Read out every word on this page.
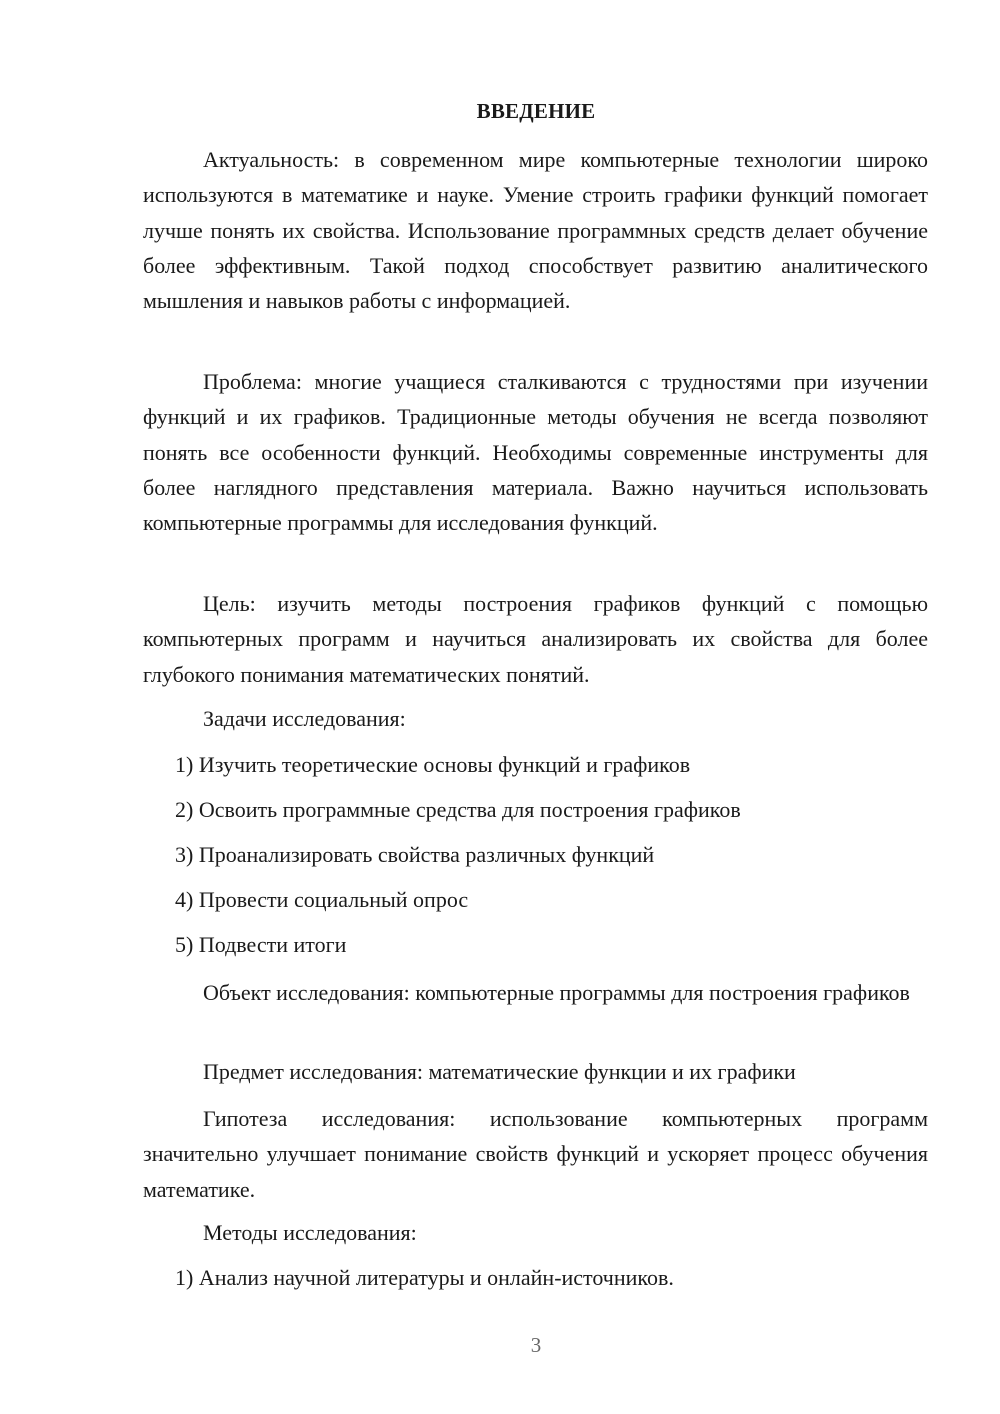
ВВЕДЕНИЕ

Актуальность: в современном мире компьютерные технологии широко используются в математике и науке. Умение строить графики функций помогает лучше понять их свойства. Использование программных средств делает обучение более эффективным. Такой подход способствует развитию аналитического мышления и навыков работы с информацией.

Проблема: многие учащиеся сталкиваются с трудностями при изучении функций и их графиков. Традиционные методы обучения не всегда позволяют понять все особенности функций. Необходимы современные инструменты для более наглядного представления материала. Важно научиться использовать компьютерные программы для исследования функций.

Цель: изучить методы построения графиков функций с помощью компьютерных программ и научиться анализировать их свойства для более глубокого понимания математических понятий.

Задачи исследования:

1) Изучить теоретические основы функций и графиков

2) Освоить программные средства для построения графиков

3) Проанализировать свойства различных функций

4) Провести социальный опрос

5) Подвести итоги

Объект исследования: компьютерные программы для построения графиков

Предмет исследования: математические функции и их графики

Гипотеза исследования: использование компьютерных программ значительно улучшает понимание свойств функций и ускоряет процесс обучения математике.

Методы исследования:

1) Анализ научной литературы и онлайн-источников.

3
